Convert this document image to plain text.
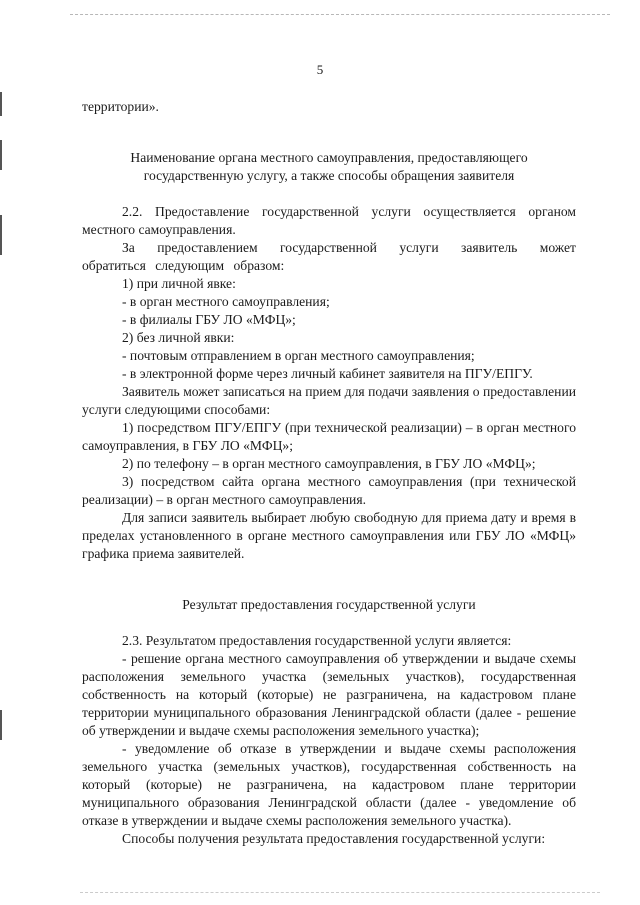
5

территории».

Наименование органа местного самоуправления, предоставляющего

государственную услугу, а также способы обращения заявителя

2.2. Предоставление государственной услуги осуществляется органом местного самоуправления.

За предоставлением государственной услуги заявитель может обратиться следующим образом:

1) при личной явке:

- в орган местного самоуправления;

- в филиалы ГБУ ЛО «МФЦ»;

2) без личной явки:

- почтовым отправлением в орган местного самоуправления;

- в электронной форме через личный кабинет заявителя на ПГУ/ЕПГУ.

Заявитель может записаться на прием для подачи заявления о предоставлении услуги следующими способами:

1) посредством ПГУ/ЕПГУ (при технической реализации) – в орган местного самоуправления, в ГБУ ЛО «МФЦ»;

2) по телефону – в орган местного самоуправления, в ГБУ ЛО «МФЦ»;

3) посредством сайта органа местного самоуправления (при технической реализации) – в орган местного самоуправления.

Для записи заявитель выбирает любую свободную для приема дату и время в пределах установленного в органе местного самоуправления или ГБУ ЛО «МФЦ» графика приема заявителей.

Результат предоставления государственной услуги

2.3. Результатом предоставления государственной услуги является:

- решение органа местного самоуправления об утверждении и выдаче схемы расположения земельного участка (земельных участков), государственная собственность на который (которые) не разграничена, на кадастровом плане территории муниципального образования Ленинградской области (далее - решение об утверждении и выдаче схемы расположения земельного участка);

- уведомление об отказе в утверждении и выдаче схемы расположения земельного участка (земельных участков), государственная собственность на который (которые) не разграничена, на кадастровом плане территории муниципального образования Ленинградской области (далее - уведомление об отказе в утверждении и выдаче схемы расположения земельного участка).

Способы получения результата предоставления государственной услуги:
